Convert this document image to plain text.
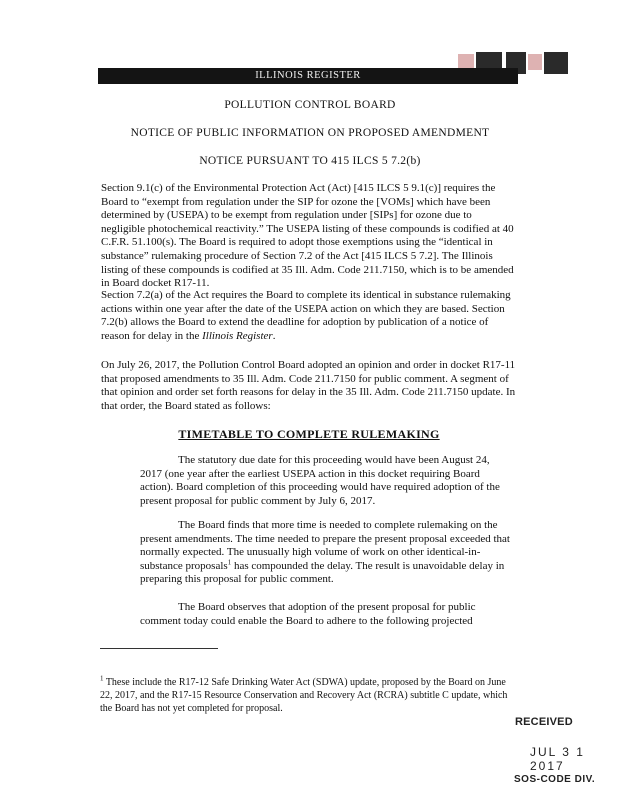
ILLINOIS REGISTER
POLLUTION CONTROL BOARD
NOTICE OF PUBLIC INFORMATION ON PROPOSED AMENDMENT
NOTICE PURSUANT TO 415 ILCS 5 7.2(b)

Section 9.1(c) of the Environmental Protection Act (Act) [415 ILCS 5 9.1(c)] requires the Board to “exempt from regulation under the SIP for ozone the [VOMs] which have been determined by (USEPA) to be exempt from regulation under [SIPs] for ozone due to negligible photochemical reactivity.” The USEPA listing of these compounds is codified at 40 C.F.R. 51.100(s). The Board is required to adopt those exemptions using the “identical in substance” rulemaking procedure of Section 7.2 of the Act [415 ILCS 5 7.2]. The Illinois listing of these compounds is codified at 35 Ill. Adm. Code 211.7150, which is to be amended in Board docket R17-11.

Section 7.2(a) of the Act requires the Board to complete its identical in substance rulemaking actions within one year after the date of the USEPA action on which they are based. Section 7.2(b) allows the Board to extend the deadline for adoption by publication of a notice of reason for delay in the Illinois Register.

On July 26, 2017, the Pollution Control Board adopted an opinion and order in docket R17-11 that proposed amendments to 35 Ill. Adm. Code 211.7150 for public comment. A segment of that opinion and order set forth reasons for delay in the 35 Ill. Adm. Code 211.7150 update. In that order, the Board stated as follows:

TIMETABLE TO COMPLETE RULEMAKING

The statutory due date for this proceeding would have been August 24, 2017 (one year after the earliest USEPA action in this docket requiring Board action). Board completion of this proceeding would have required adoption of the present proposal for public comment by July 6, 2017.

The Board finds that more time is needed to complete rulemaking on the present amendments. The time needed to prepare the present proposal exceeded that normally expected. The unusually high volume of work on other identical-in-substance proposals$^1$ has compounded the delay. The result is unavoidable delay in preparing this proposal for public comment.

The Board observes that adoption of the present proposal for public comment today could enable the Board to adhere to the following projected

$^1$ These include the R17-12 Safe Drinking Water Act (SDWA) update, proposed by the Board on June 22, 2017, and the R17-15 Resource Conservation and Recovery Act (RCRA) subtitle C update, which the Board has not yet completed for proposal.

RECEIVED
JUL 3 1 2017
SOS-CODE DIV.
